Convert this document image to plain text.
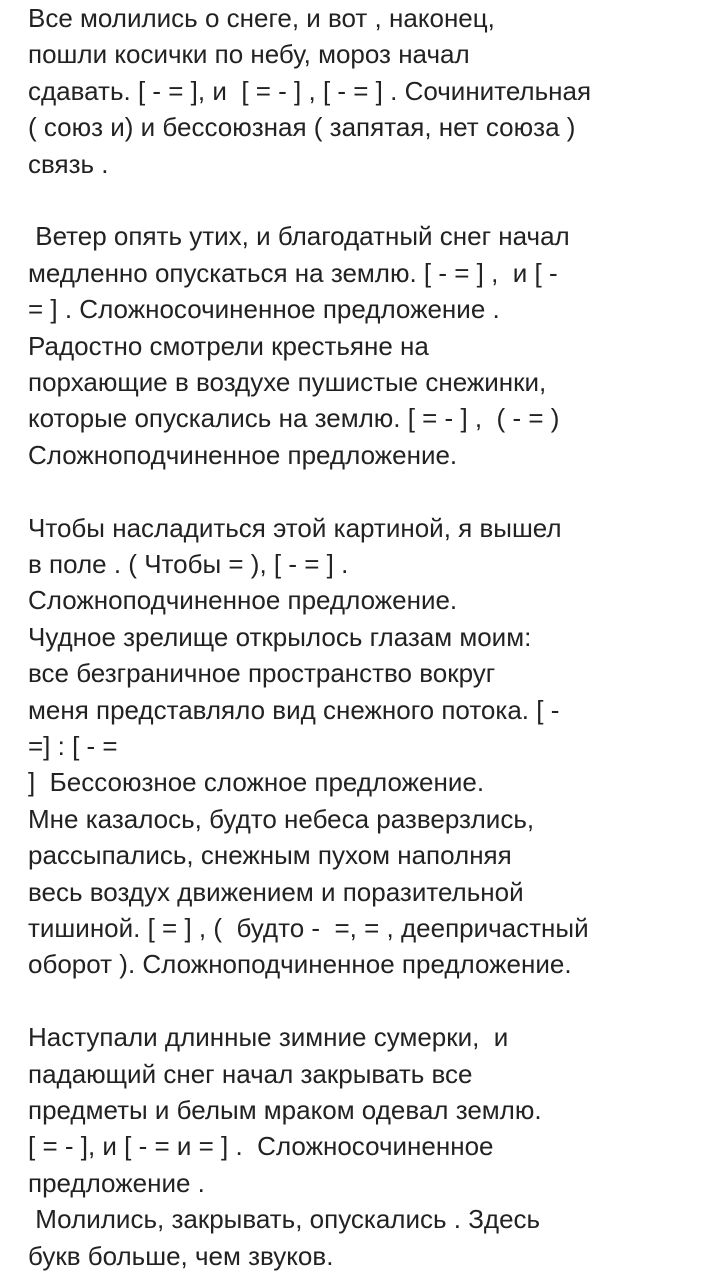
Все молились о снеге, и вот , наконец,
пошли косички по небу, мороз начал
сдавать. [ - = ], и  [ = - ] , [ - = ] . Сочинительная
( союз и) и бессоюзная ( запятая, нет союза )
связь .
Ветер опять утих, и благодатный снег начал
медленно опускаться на землю. [ - = ] ,  и [ -
= ] . Сложносочиненное предложение .
Радостно смотрели крестьяне на
порхающие в воздухе пушистые снежинки,
которые опускались на землю. [ = - ] ,  ( - = )
Сложноподчиненное предложение.
Чтобы насладиться этой картиной, я вышел
в поле . ( Чтобы = ), [ - = ] .
Сложноподчиненное предложение.
Чудное зрелище открылось глазам моим:
все безграничное пространство вокруг
меня представляло вид снежного потока. [ -
=] : [ - =
]  Бессоюзное сложное предложение.
Мне казалось, будто небеса разверзлись,
рассыпались, снежным пухом наполняя
весь воздух движением и поразительной
тишиной. [ = ] , (  будто -  =, = , деепричастный
оборот ). Сложноподчиненное предложение.
Наступали длинные зимние сумерки,  и
падающий снег начал закрывать все
предметы и белым мраком одевал землю.
[ = - ], и [ - = и = ] .  Сложносочиненное
предложение .
Молились, закрывать, опускались . Здесь
букв больше, чем звуков.
